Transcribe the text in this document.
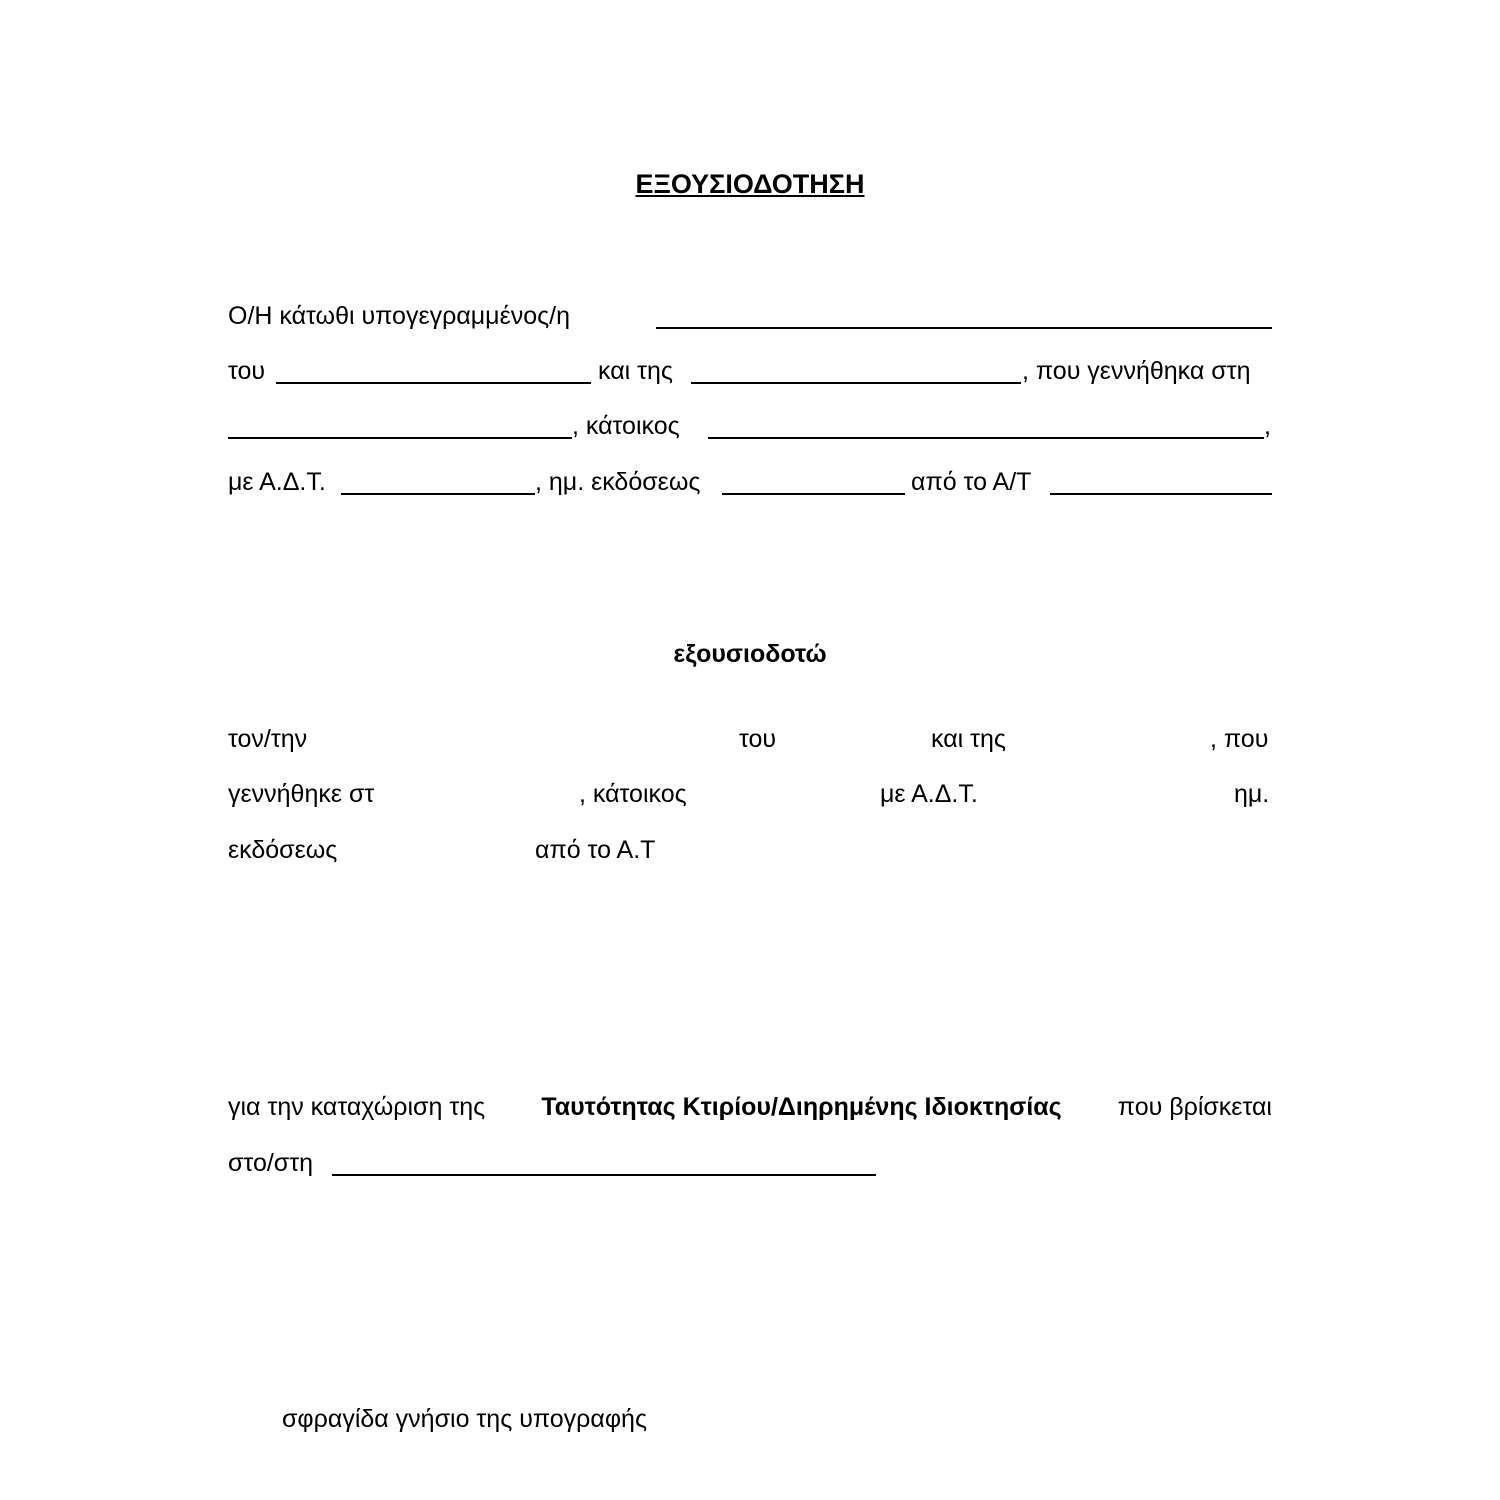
ΕΞΟΥΣΙΟΔΟΤΗΣΗ
Ο/Η κάτωθι υπογεγραμμένος/η
του	και της	, που γεννήθηκα στη
, κάτοικος	,
με Α.Δ.Τ.	, ημ. εκδόσεως	από το Α/Τ
εξουσιοδοτώ
τον/την	του	και της	, που
γεννήθηκε στ	, κάτοικος	με Α.Δ.Τ.	ημ.
εκδόσεως	από το Α.Τ
για την καταχώριση της Ταυτότητας Κτιρίου/Διηρημένης Ιδιοκτησίας που βρίσκεται
στο/στη
σφραγίδα γνήσιο της υπογραφής
